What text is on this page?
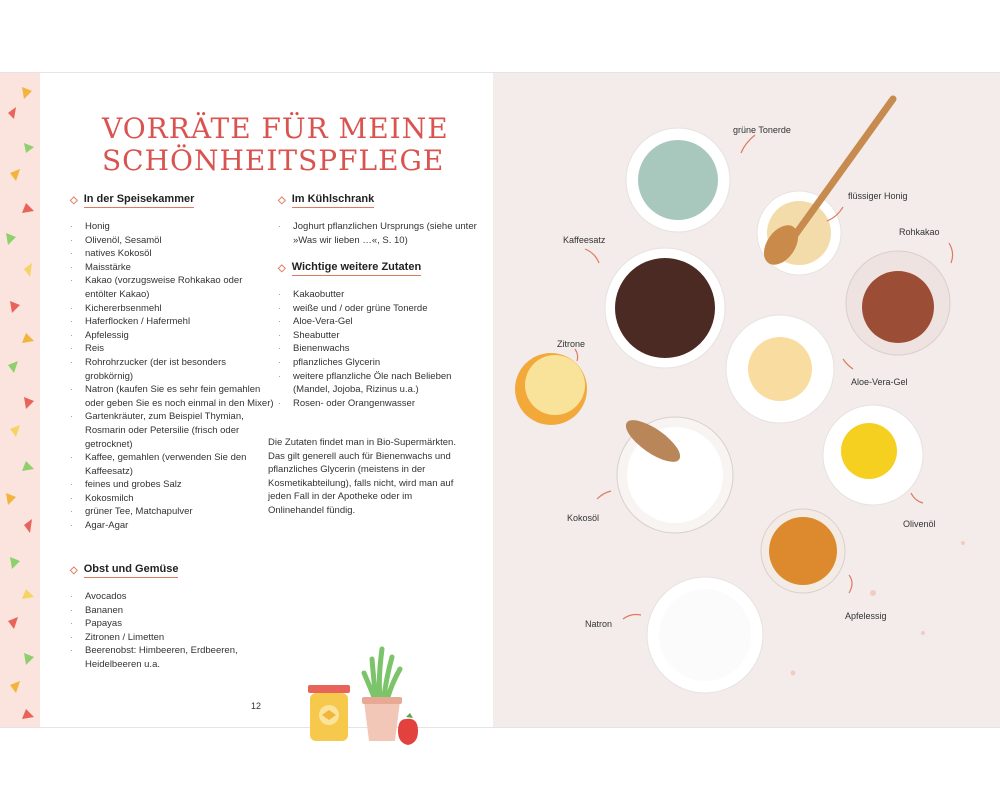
VORRÄTE FÜR MEINE
SCHÖNHEITSPFLEGE
◇ In der Speisekammer
· Honig
· Olivenöl, Sesamöl
· natives Kokosöl
· Maisstärke
· Kakao (vorzugsweise Rohkakao oder entölter Kakao)
· Kichererbsenmehl
· Haferflocken / Hafermehl
· Apfelessig
· Reis
· Rohrohrzucker (der ist besonders grobkörnig)
· Natron (kaufen Sie es sehr fein gemahlen oder geben Sie es noch einmal in den Mixer)
· Gartenkräuter, zum Beispiel Thymian, Rosmarin oder Petersilie (frisch oder getrocknet)
· Kaffee, gemahlen (verwenden Sie den Kaffeesatz)
· feines und grobes Salz
· Kokosmilch
· grüner Tee, Matchapulver
· Agar-Agar
◇ Obst und Gemüse
· Avocados
· Bananen
· Papayas
· Zitronen / Limetten
· Beerenobst: Himbeeren, Erdbeeren, Heidelbeeren u.a.
◇ Im Kühlschrank
· Joghurt pflanzlichen Ursprungs (siehe unter »Was wir lieben …«, S. 10)
◇ Wichtige weitere Zutaten
· Kakaobutter
· weiße und / oder grüne Tonerde
· Aloe-Vera-Gel
· Sheabutter
· Bienenwachs
· pflanzliches Glycerin
· weitere pflanzliche Öle nach Belieben (Mandel, Jojoba, Rizinus u.a.)
· Rosen- oder Orangenwasser

Die Zutaten findet man in Bio-Supermärkten. Das gilt generell auch für Bienenwachs und pflanzliches Glycerin (meistens in der Kosmetikabteilung), falls nicht, wird man auf jeden Fall in der Apotheke oder im Onlinehandel fündig.

12
grüne Tonerde
flüssiger Honig
Kaffeesatz
Rohkakao
Zitrone
Aloe-Vera-Gel
Kokosöl
Olivenöl
Apfelessig
Natron
